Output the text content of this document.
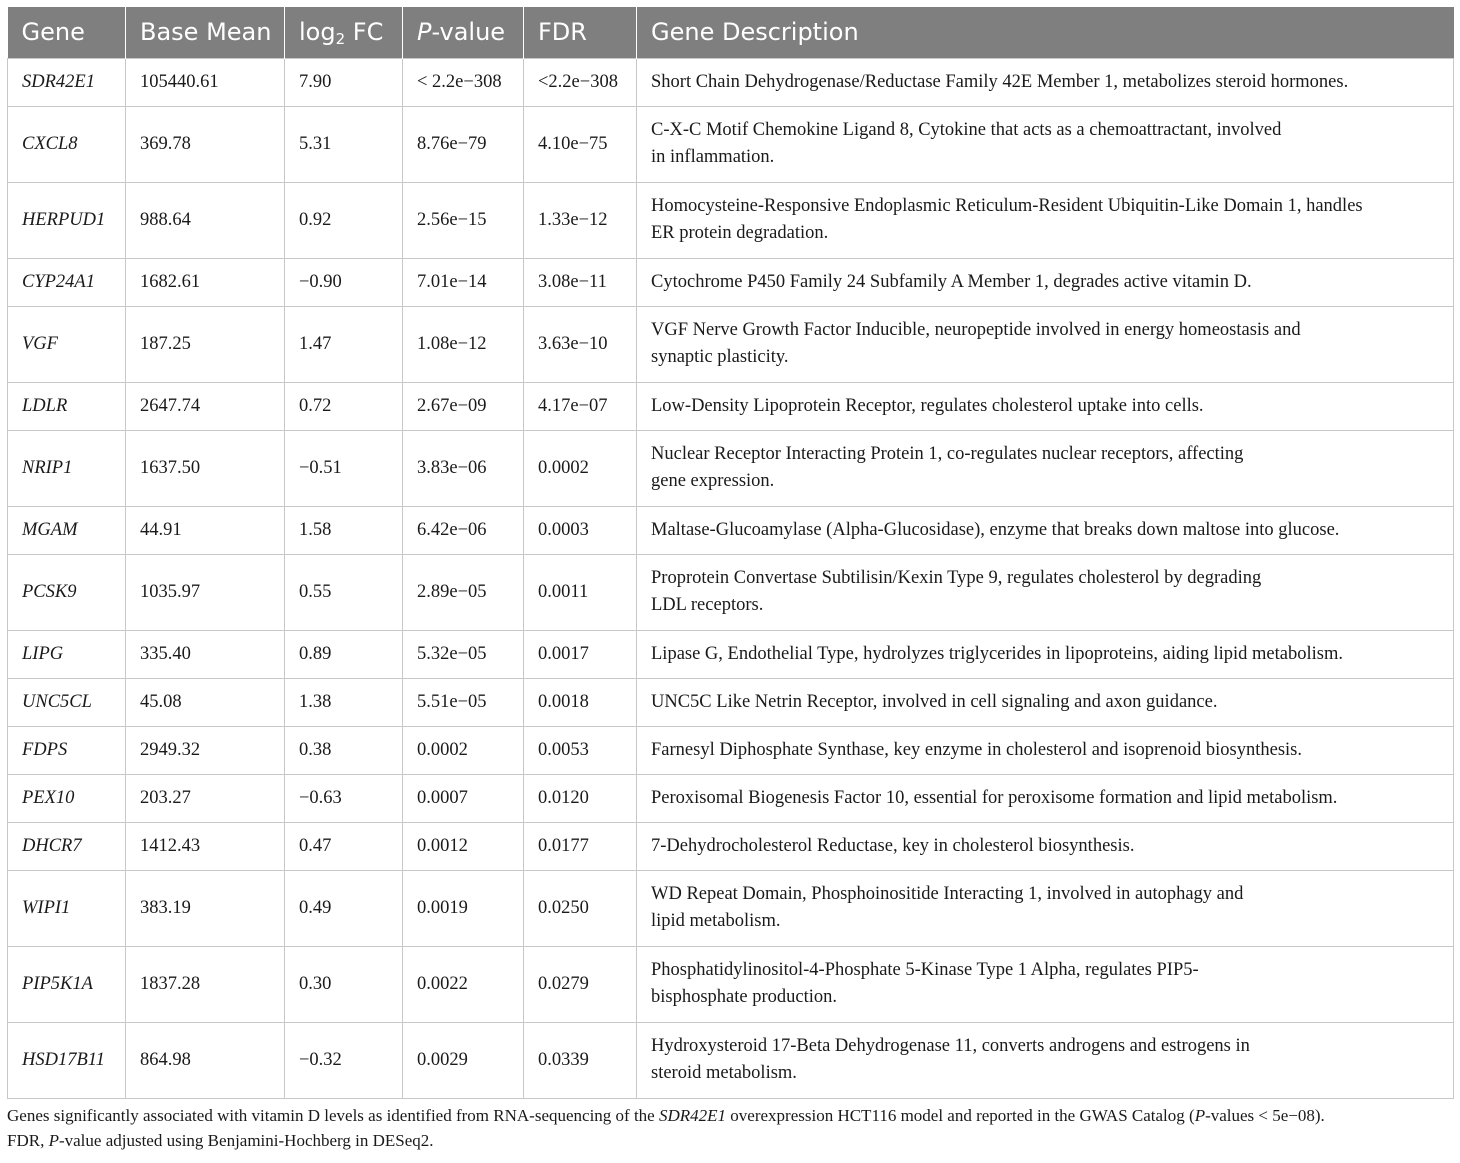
Gene	Base Mean	$\log_2$ FC	P-value	FDR	Gene Description
SDR42E1	105440.61	7.90	< 2.2e−308	<2.2e−308	Short Chain Dehydrogenase/Reductase Family 42E Member 1, metabolizes steroid hormones.

CXCL8	369.78	5.31	8.76e−79	4.10e−75	C-X-C Motif Chemokine Ligand 8, Cytokine that acts as a chemoattractant, involved
in inflammation.

HERPUD1	988.64	0.92	2.56e−15	1.33e−12	Homocysteine-Responsive Endoplasmic Reticulum-Resident Ubiquitin-Like Domain 1, handles
ER protein degradation.

CYP24A1	1682.61	−0.90	7.01e−14	3.08e−11	Cytochrome P450 Family 24 Subfamily A Member 1, degrades active vitamin D.

VGF	187.25	1.47	1.08e−12	3.63e−10	VGF Nerve Growth Factor Inducible, neuropeptide involved in energy homeostasis and
synaptic plasticity.

LDLR	2647.74	0.72	2.67e−09	4.17e−07	Low-Density Lipoprotein Receptor, regulates cholesterol uptake into cells.

NRIP1	1637.50	−0.51	3.83e−06	0.0002	Nuclear Receptor Interacting Protein 1, co-regulates nuclear receptors, affecting
gene expression.

MGAM	44.91	1.58	6.42e−06	0.0003	Maltase-Glucoamylase (Alpha-Glucosidase), enzyme that breaks down maltose into glucose.

PCSK9	1035.97	0.55	2.89e−05	0.0011	Proprotein Convertase Subtilisin/Kexin Type 9, regulates cholesterol by degrading
LDL receptors.

LIPG	335.40	0.89	5.32e−05	0.0017	Lipase G, Endothelial Type, hydrolyzes triglycerides in lipoproteins, aiding lipid metabolism.

UNC5CL	45.08	1.38	5.51e−05	0.0018	UNC5C Like Netrin Receptor, involved in cell signaling and axon guidance.

FDPS	2949.32	0.38	0.0002	0.0053	Farnesyl Diphosphate Synthase, key enzyme in cholesterol and isoprenoid biosynthesis.

PEX10	203.27	−0.63	0.0007	0.0120	Peroxisomal Biogenesis Factor 10, essential for peroxisome formation and lipid metabolism.

DHCR7	1412.43	0.47	0.0012	0.0177	7-Dehydrocholesterol Reductase, key in cholesterol biosynthesis.

WIPI1	383.19	0.49	0.0019	0.0250	WD Repeat Domain, Phosphoinositide Interacting 1, involved in autophagy and
lipid metabolism.

PIP5K1A	1837.28	0.30	0.0022	0.0279	Phosphatidylinositol-4-Phosphate 5-Kinase Type 1 Alpha, regulates PIP5-
bisphosphate production.

HSD17B11	864.98	−0.32	0.0029	0.0339	Hydroxysteroid 17-Beta Dehydrogenase 11, converts androgens and estrogens in
steroid metabolism.
Genes significantly associated with vitamin D levels as identified from RNA-sequencing of the SDR42E1 overexpression HCT116 model and reported in the GWAS Catalog (P-values < 5e−08).
FDR, P-value adjusted using Benjamini-Hochberg in DESeq2.
